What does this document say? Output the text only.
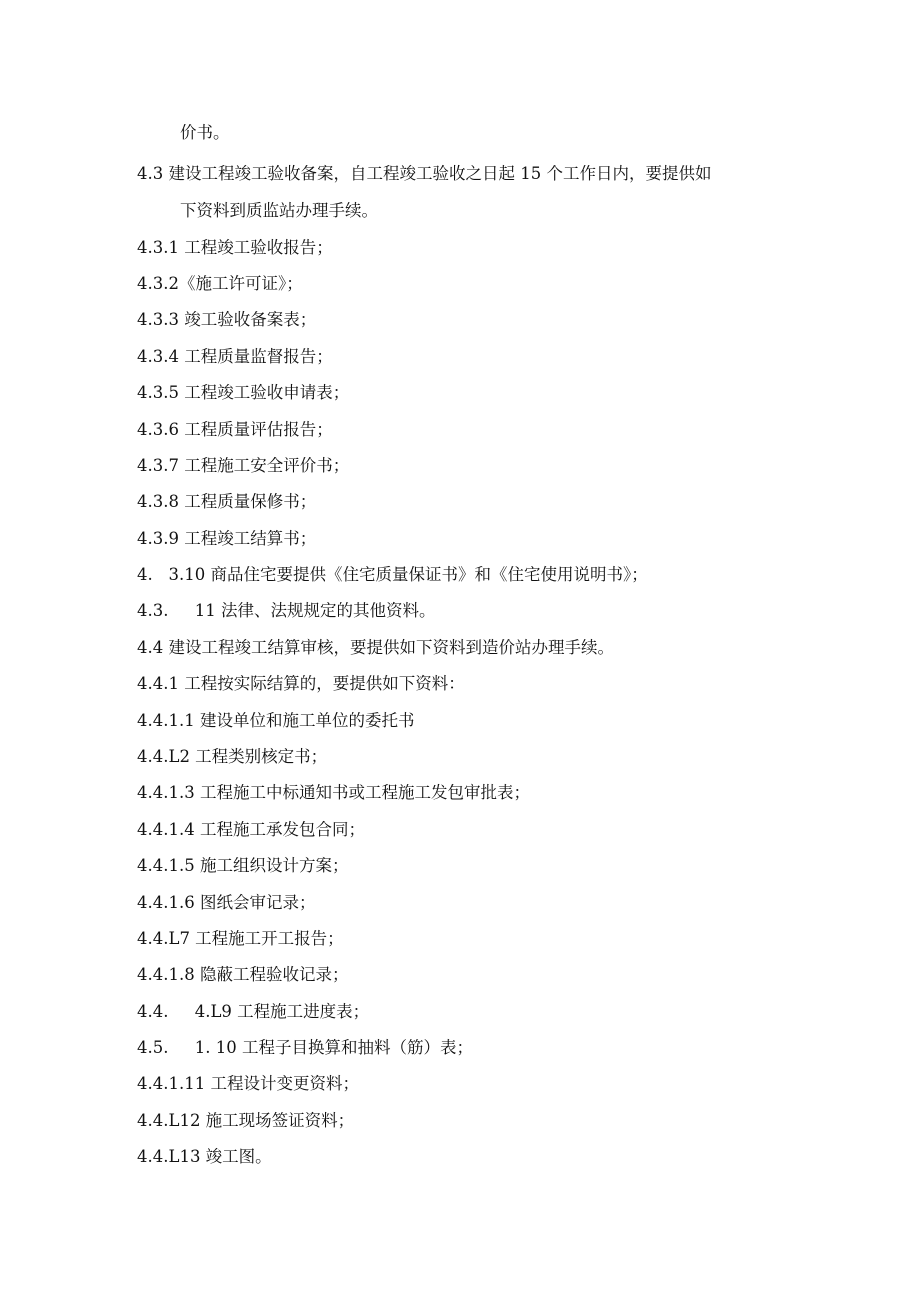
价书。
4.3 建设工程竣工验收备案，自工程竣工验收之日起 15 个工作日内，要提供如
下资料到质监站办理手续。
4.3.1 工程竣工验收报告；
4.3.2《施工许可证》；
4.3.3 竣工验收备案表；
4.3.4 工程质量监督报告；
4.3.5 工程竣工验收申请表；
4.3.6 工程质量评估报告；
4.3.7 工程施工安全评价书；
4.3.8 工程质量保修书；
4.3.9 工程竣工结算书；
4.   3.10 商品住宅要提供《住宅质量保证书》和《住宅使用说明书》；
4.3.     11 法律、法规规定的其他资料。
4.4 建设工程竣工结算审核，要提供如下资料到造价站办理手续。
4.4.1 工程按实际结算的，要提供如下资料：
4.4.1.1 建设单位和施工单位的委托书
4.4.L2 工程类别核定书；
4.4.1.3 工程施工中标通知书或工程施工发包审批表；
4.4.1.4 工程施工承发包合同；
4.4.1.5 施工组织设计方案；
4.4.1.6 图纸会审记录；
4.4.L7 工程施工开工报告；
4.4.1.8 隐蔽工程验收记录；
4.4.     4.L9 工程施工进度表；
4.5.     1. 10 工程子目换算和抽料（筋）表；
4.4.1.11 工程设计变更资料；
4.4.L12 施工现场签证资料；
4.4.L13 竣工图。
